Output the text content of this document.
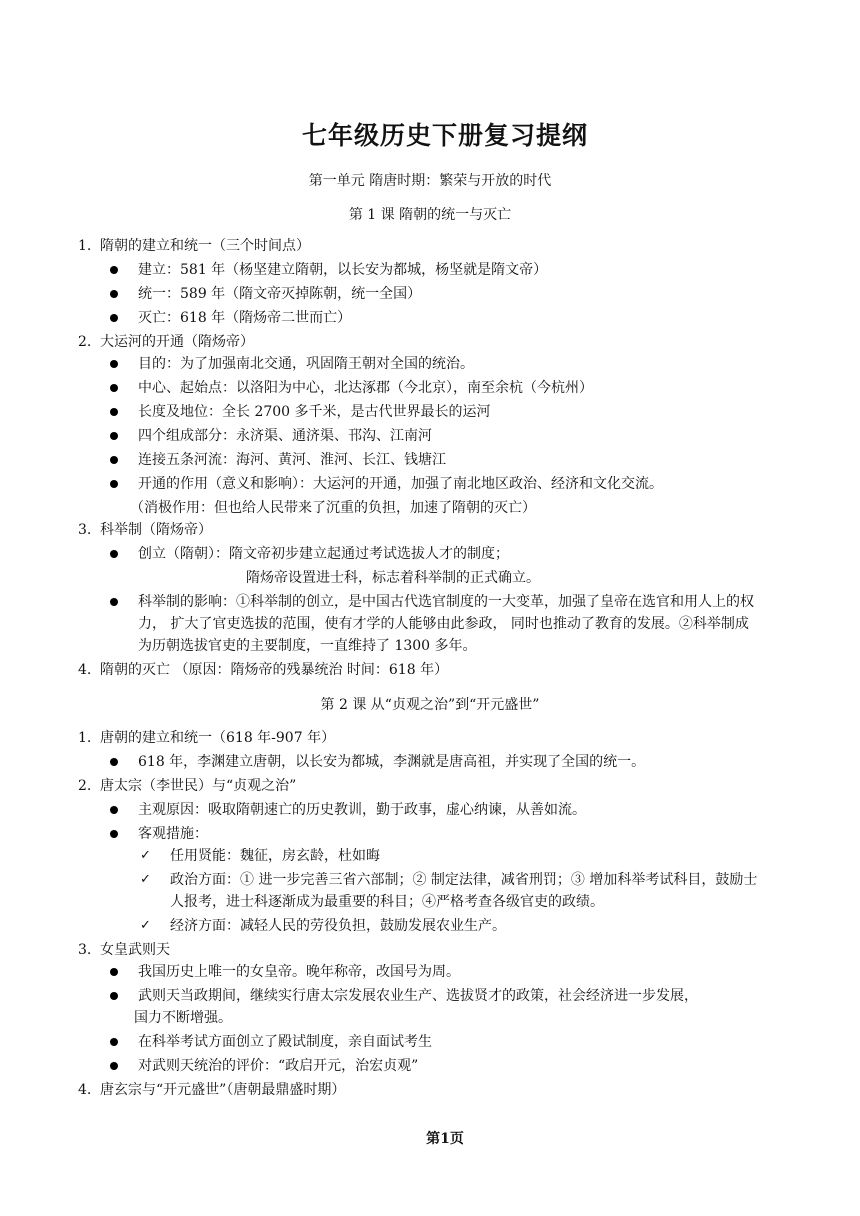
七年级历史下册复习提纲
第一单元 隋唐时期：繁荣与开放的时代
第 1 课 隋朝的统一与灭亡
1. 隋朝的建立和统一（三个时间点）
建立：581 年（杨坚建立隋朝，以长安为都城，杨坚就是隋文帝）
统一：589 年（隋文帝灭掉陈朝，统一全国）
灭亡：618 年（隋炀帝二世而亡）
2. 大运河的开通（隋炀帝）
目的：为了加强南北交通，巩固隋王朝对全国的统治。
中心、起始点：以洛阳为中心，北达涿郡（今北京），南至余杭（今杭州）
长度及地位：全长 2700 多千米，是古代世界最长的运河
四个组成部分：永济渠、通济渠、邗沟、江南河
连接五条河流：海河、黄河、淮河、长江、钱塘江
开通的作用（意义和影响）：大运河的开通，加强了南北地区政治、经济和文化交流。
（消极作用：但也给人民带来了沉重的负担，加速了隋朝的灭亡）
3. 科举制（隋炀帝）
创立（隋朝）：隋文帝初步建立起通过考试选拔人才的制度；
隋炀帝设置进士科，标志着科举制的正式确立。
科举制的影响：①科举制的创立，是中国古代选官制度的一大变革，加强了皇帝在选官和用人上的权
力， 扩大了官吏选拔的范围，使有才学的人能够由此参政， 同时也推动了教育的发展。②科举制成
为历朝选拔官吏的主要制度，一直维持了 1300 多年。
4. 隋朝的灭亡 （原因：隋炀帝的残暴统治 时间：618 年）
第 2 课 从“贞观之治”到“开元盛世”
1. 唐朝的建立和统一（618 年-907 年）
618 年，李渊建立唐朝，以长安为都城，李渊就是唐高祖，并实现了全国的统一。
2. 唐太宗（李世民）与“贞观之治”
主观原因：吸取隋朝速亡的历史教训，勤于政事，虚心纳谏，从善如流。
客观措施：
✓ 任用贤能：魏征，房玄龄，杜如晦
✓ 政治方面：① 进一步完善三省六部制；② 制定法律，减省刑罚；③ 增加科举考试科目，鼓励士
人报考，进士科逐渐成为最重要的科目；④严格考查各级官吏的政绩。
✓ 经济方面：减轻人民的劳役负担，鼓励发展农业生产。
3. 女皇武则天
我国历史上唯一的女皇帝。晚年称帝，改国号为周。
武则天当政期间，继续实行唐太宗发展农业生产、选拔贤才的政策，社会经济进一步发展，
国力不断增强。
在科举考试方面创立了殿试制度，亲自面试考生
对武则天统治的评价：“政启开元，治宏贞观”
4. 唐玄宗与“开元盛世”（唐朝最鼎盛时期）
第1页
